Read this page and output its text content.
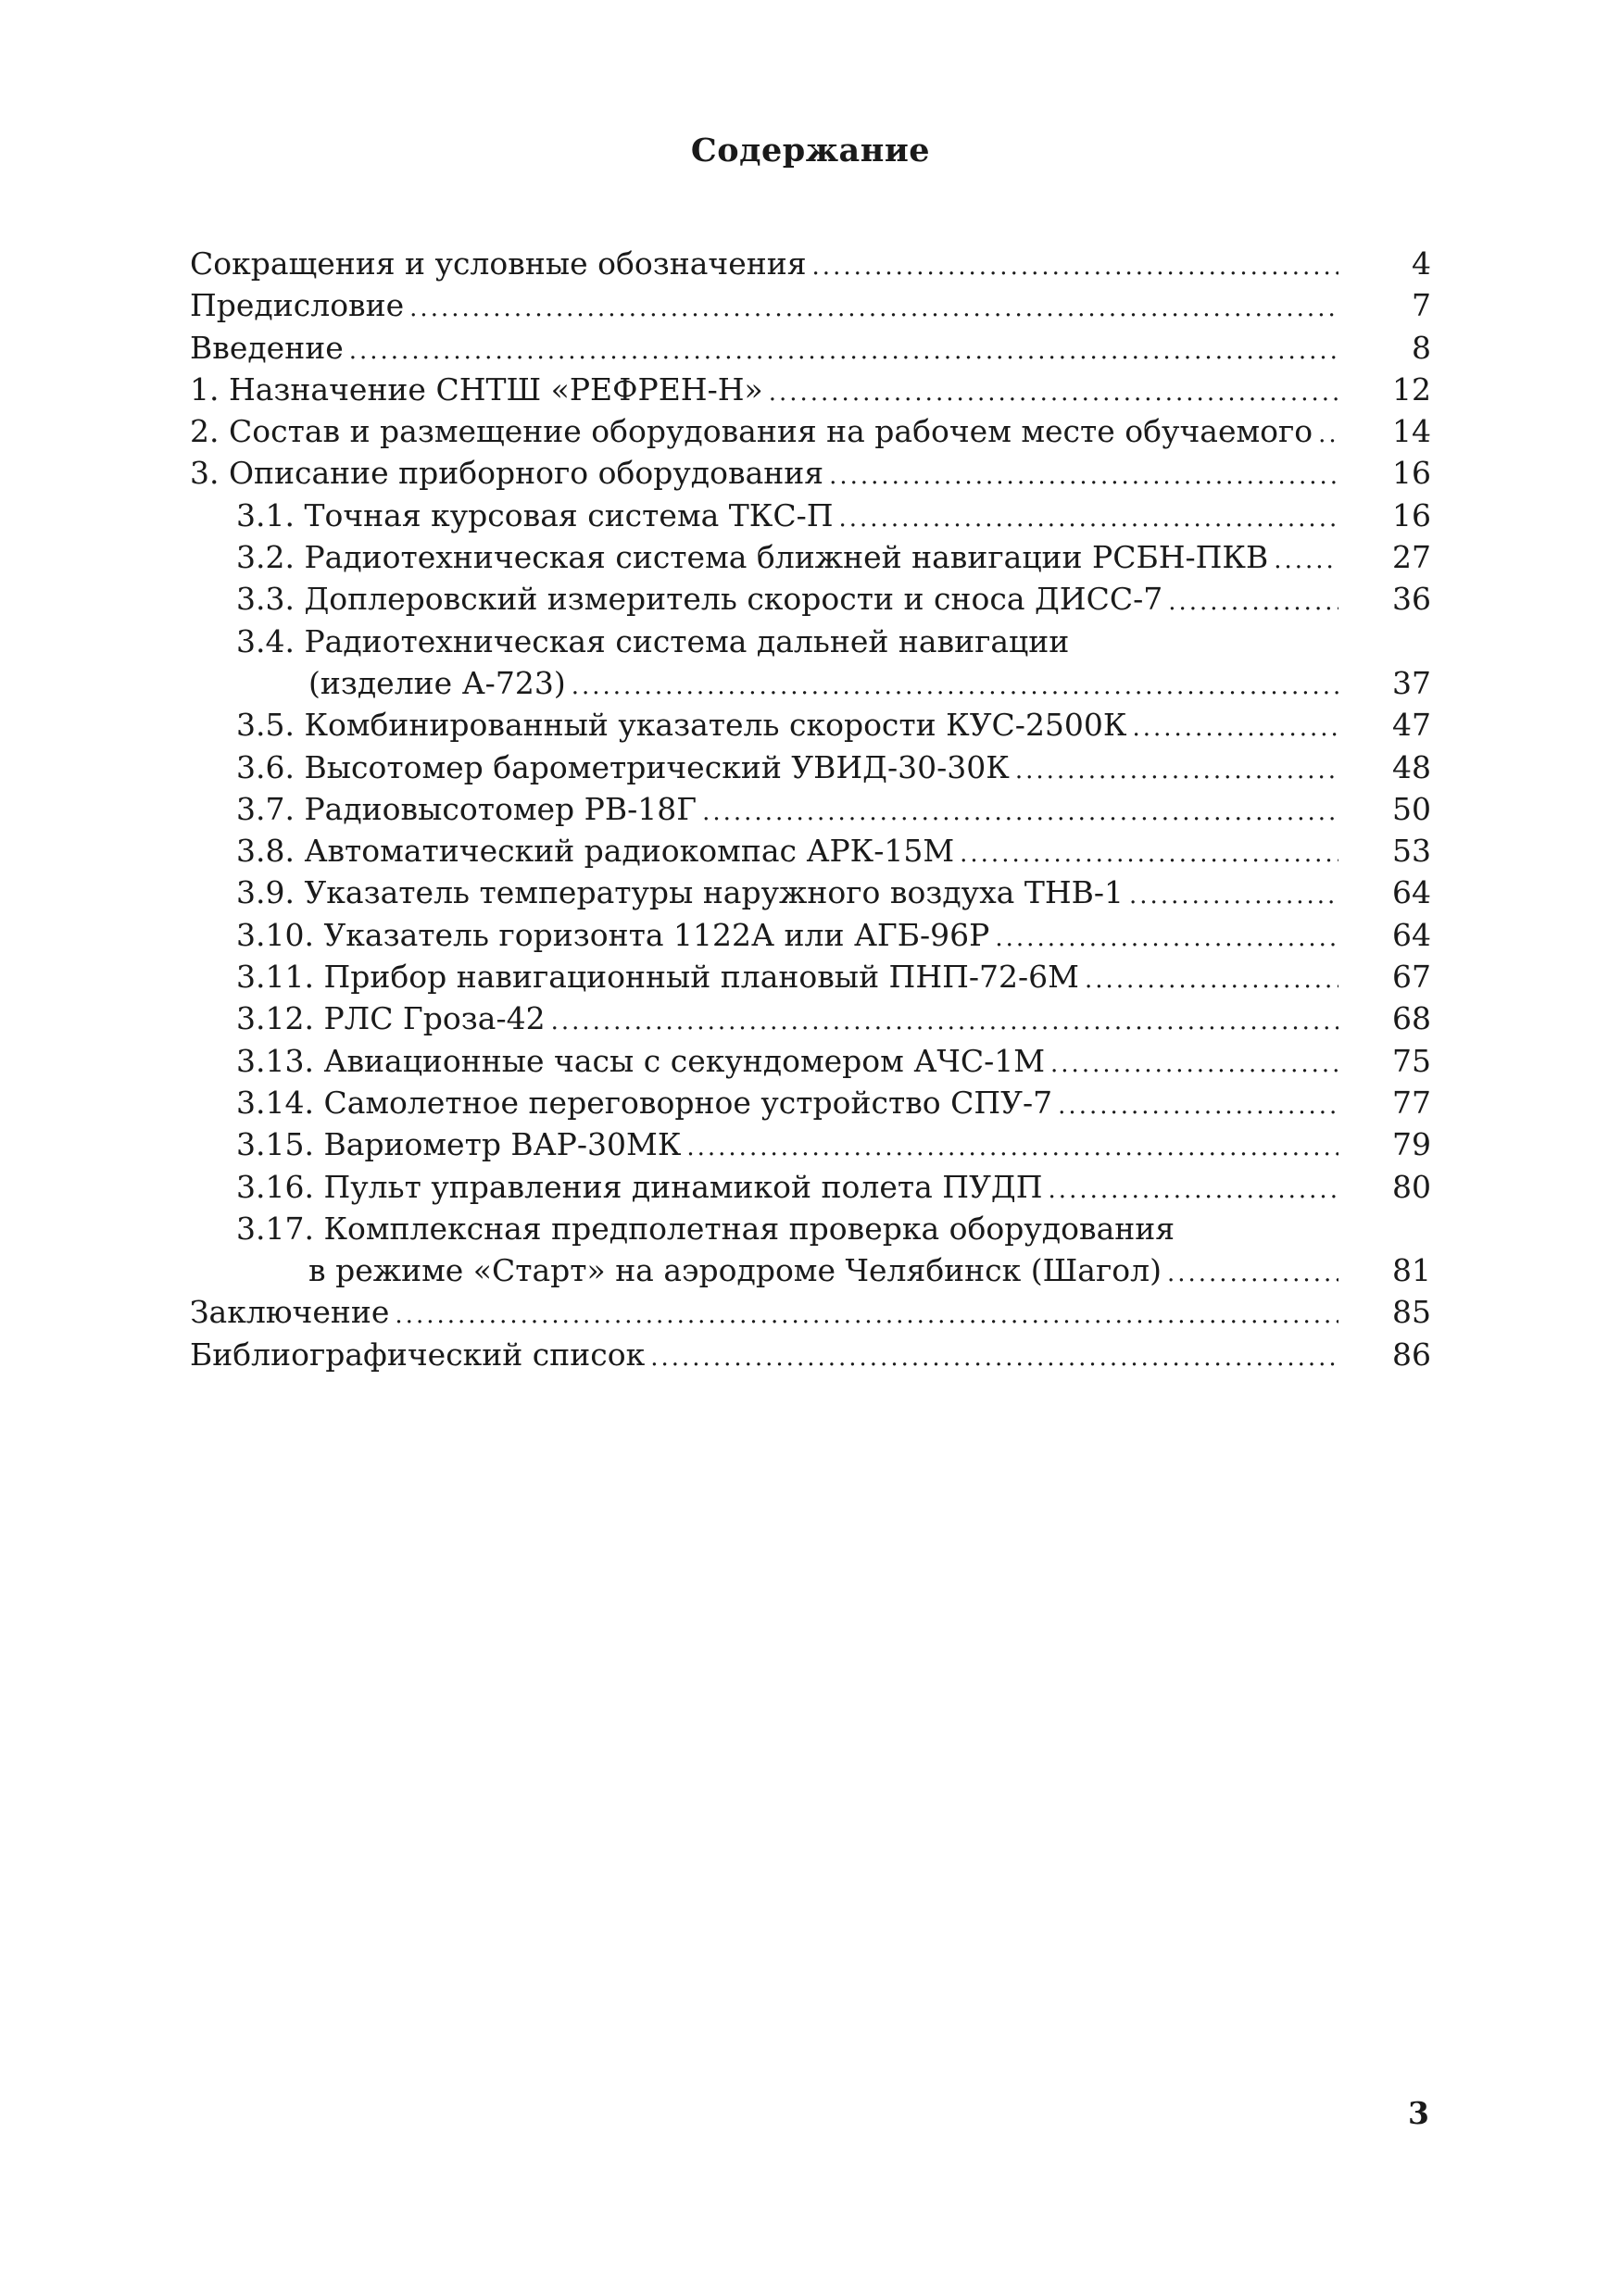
Содержание
Сокращения и условные обозначения .....	4
Предисловие .....	7
Введение .....	8
1. Назначение СНТШ «РЕФРЕН-Н» .....	12
2. Состав и размещение оборудования на рабочем месте обучаемого .....	14
3. Описание приборного оборудования .....	16
3.1. Точная курсовая система ТКС-П .....	16
3.2. Радиотехническая система ближней навигации РСБН-ПКВ .....	27
3.3. Доплеровский измеритель скорости и сноса ДИСС-7 .....	36
3.4. Радиотехническая система дальней навигации
(изделие А-723) .....	37
3.5. Комбинированный указатель скорости КУС-2500К .....	47
3.6. Высотомер барометрический УВИД-30-30К .....	48
3.7. Радиовысотомер РВ-18Г .....	50
3.8. Автоматический радиокомпас АРК-15М .....	53
3.9. Указатель температуры наружного воздуха ТНВ-1 .....	64
3.10. Указатель горизонта 1122А или АГБ-96Р .....	64
3.11. Прибор навигационный плановый ПНП-72-6М .....	67
3.12. РЛС Гроза-42 .....	68
3.13. Авиационные часы с секундомером АЧС-1М .....	75
3.14. Самолетное переговорное устройство СПУ-7 .....	77
3.15. Вариометр ВАР-30МК .....	79
3.16. Пульт управления динамикой полета ПУДП .....	80
3.17. Комплексная предполетная проверка оборудования
в режиме «Старт» на аэродроме Челябинск (Шагол) .....	81
Заключение .....	85
Библиографический список .....	86
3
